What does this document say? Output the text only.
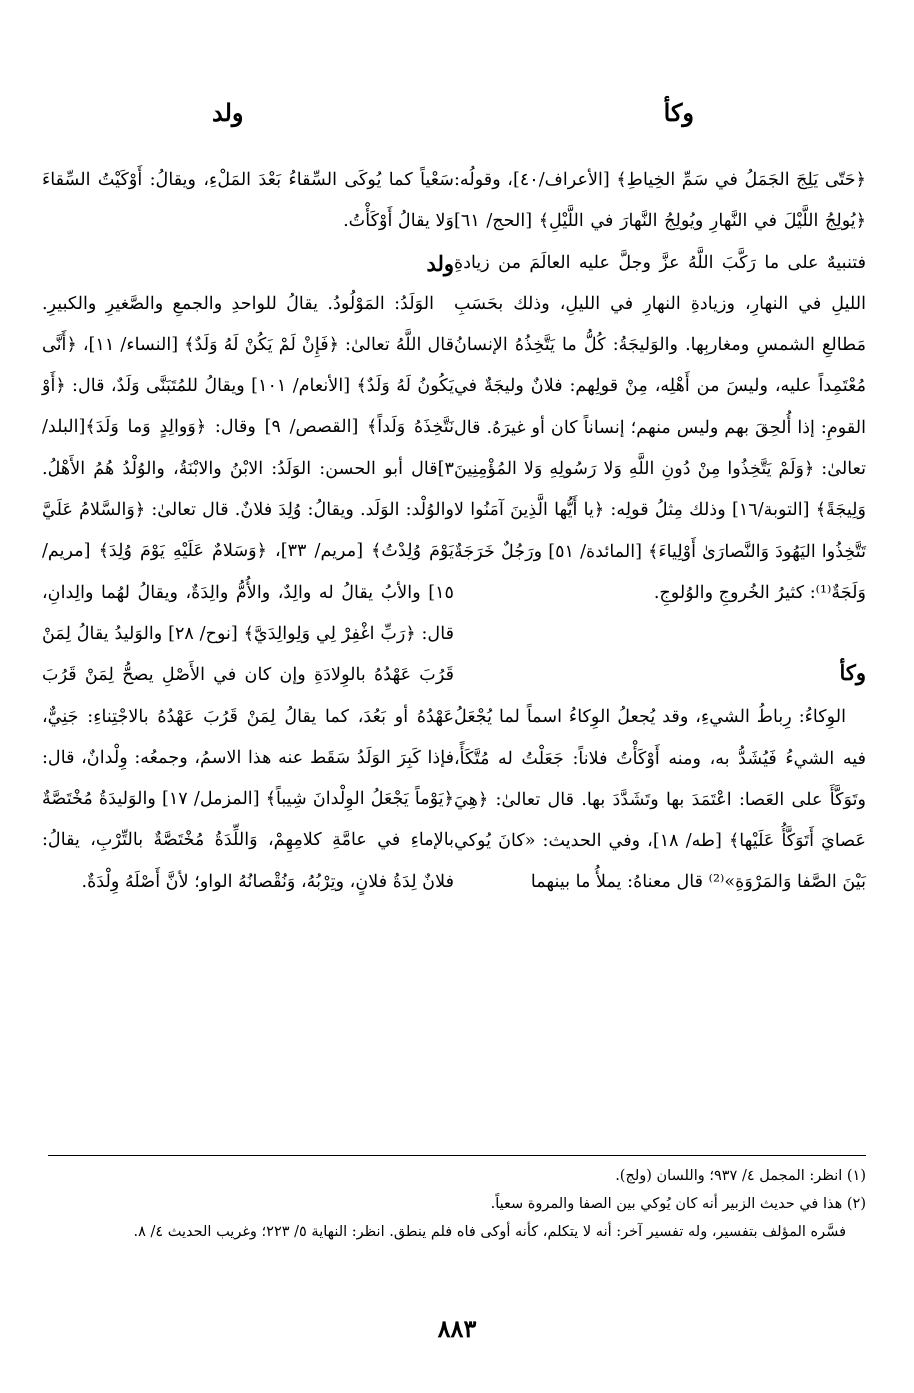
وكأ
ولد

﴿حَتّى يَلِجَ الجَمَلُ في سَمِّ الخِياطِ﴾ [الأعراف/٤٠]، وقولُه: ﴿يُولِجُ اللَّيْلَ في النَّهارِ ويُولِجُ النَّهارَ في اللَّيْلِ﴾ [الحج/ ٦١] فتنبيهٌ على ما رَكَّبَ اللَّهُ عزَّ وجلَّ عليه العالَمَ من زيادةِ الليلِ في النهارِ، وزيادةِ النهارِ في الليلِ، وذلك بحَسَبِ مَطالعِ الشمسِ ومغاربِها. والوَليجَةُ: كُلُّ ما يَتَّخِذُهُ الإنسانُ مُعْتَمِداً عليه، وليسَ من أَهْلِه، مِنْ قولِهم: فلانٌ وليجَةٌ في القومِ: إذا أُلحِقَ بهم وليس منهم؛ إنساناً كان أو غيرَهُ. قال تعالىٰ: ﴿وَلَمْ يَتَّخِذُوا مِنْ دُونِ اللَّهِ وَلا رَسُولِهِ وَلا المُؤْمِنِينَ وَلِيجَةً﴾ [التوبة/١٦] وذلك مِثلُ قولِه: ﴿يا أَيُّها الَّذِينَ آمَنُوا لا تَتَّخِذُوا اليَهُودَ وَالنَّصارَىٰ أَوْلِياءَ﴾ [المائدة/ ٥١] ورَجُلٌ خَرَجَةٌ وَلَجَةٌ⁽¹⁾: كثيرُ الخُروجِ والوُلوجِ.

وكأ

الوِكاءُ: رِباطُ الشيءِ، وقد يُجعلُ الوِكاءُ اسماً لما يُجْعَلُ فيه الشيءُ فَيُشَدُّ به، ومنه أَوْكَأْتُ فلاناً: جَعَلْتُ له مُتَّكَأً، وتَوَكَّأَ على العَصا: اعْتَمَدَ بها وتَشَدَّدَ بها. قال تعالىٰ: ﴿هِيَ عَصايَ أَتَوَكَّأُ عَلَيْها﴾ [طه/ ١٨]، وفي الحديث: «كانَ يُوكي بَيْنَ الصَّفا وَالمَرْوَةِ»⁽²⁾ قال معناهُ: يملأُ ما بينهما

سَعْياً كما يُوكَى السِّقاءُ بَعْدَ المَلْءِ، ويقالُ: أَوْكَيْتُ السِّقاءَ وَلا يقالُ أَوْكَأْتُ.

ولد

الوَلَدُ: المَوْلُودُ. يقالُ للواحدِ والجمعِ والصَّغيرِ والكبيرِ. قال اللَّهُ تعالىٰ: ﴿فَإِنْ لَمْ يَكُنْ لَهُ وَلَدٌ﴾ [النساء/ ١١]، ﴿أَنَّى يَكُونُ لَهُ وَلَدٌ﴾ [الأنعام/ ١٠١] ويقالُ للمُتَبَنَّى وَلَدٌ، قال: ﴿أَوْ نَتَّخِذَهُ وَلَداً﴾ [القصص/ ٩] وقال: ﴿وَوالِدٍ وَما وَلَدَ﴾[البلد/٣]قال أبو الحسن: الوَلَدُ: الابْنُ والابْنَةُ، والوُلْدُ هُمُ الأَهْلُ. والوُلْد: الوَلَد. ويقالُ: وُلِدَ فلانٌ. قال تعالىٰ: ﴿وَالسَّلامُ عَلَيَّ يَوْمَ وُلِدْتُ﴾ [مريم/ ٣٣]، ﴿وَسَلامٌ عَلَيْهِ يَوْمَ وُلِدَ﴾ [مريم/ ١٥] والأبُ يقالُ له والِدٌ، والأُمُّ والِدَةٌ، ويقالُ لهُما والِدانِ، قال: ﴿رَبِّ اغْفِرْ لِي وَلِوالِدَيَّ﴾ [نوح/ ٢٨] والوَليدُ يقالُ لِمَنْ قَرُبَ عَهْدُهُ بالوِلادَةِ وإن كان في الأَصْلِ يصحُّ لِمَنْ قَرُبَ عَهْدُهُ أو بَعُدَ، كما يقالُ لِمَنْ قَرُبَ عَهْدُهُ بالاجْتِناءِ: جَنِيٌّ، فإذا كَبِرَ الوَلَدُ سَقَط عنه هذا الاسمُ، وجمعُه: وِلْدانٌ، قال: ﴿يَوْماً يَجْعَلُ الوِلْدانَ شِيباً﴾ [المزمل/ ١٧] والوَليدَةُ مُخْتَصَّةٌ بالإماءِ في عامَّةِ كلامِهِمْ، وَاللِّدَةُ مُخْتَصَّةٌ بالتِّرْبِ، يقالُ: فلانٌ لِدَةُ فلانٍ، وتِرْبُهُ، وَنُقْصانُهُ الواو؛ لأنَّ أَصْلَهُ وِلْدَةٌ.

(١) انظر: المجمل ٤/ ٩٣٧؛ واللسان (ولج).

(٢) هذا في حديث الزبير أنه كان يُوكي بين الصفا والمروة سعياً.

فسَّره المؤلف بتفسير، وله تفسير آخر: أنه لا يتكلم، كأنه أوكى فاه فلم ينطق. انظر: النهاية ٥/ ٢٢٣؛ وغريب الحديث ٤/ ٨.

٨٨٣
